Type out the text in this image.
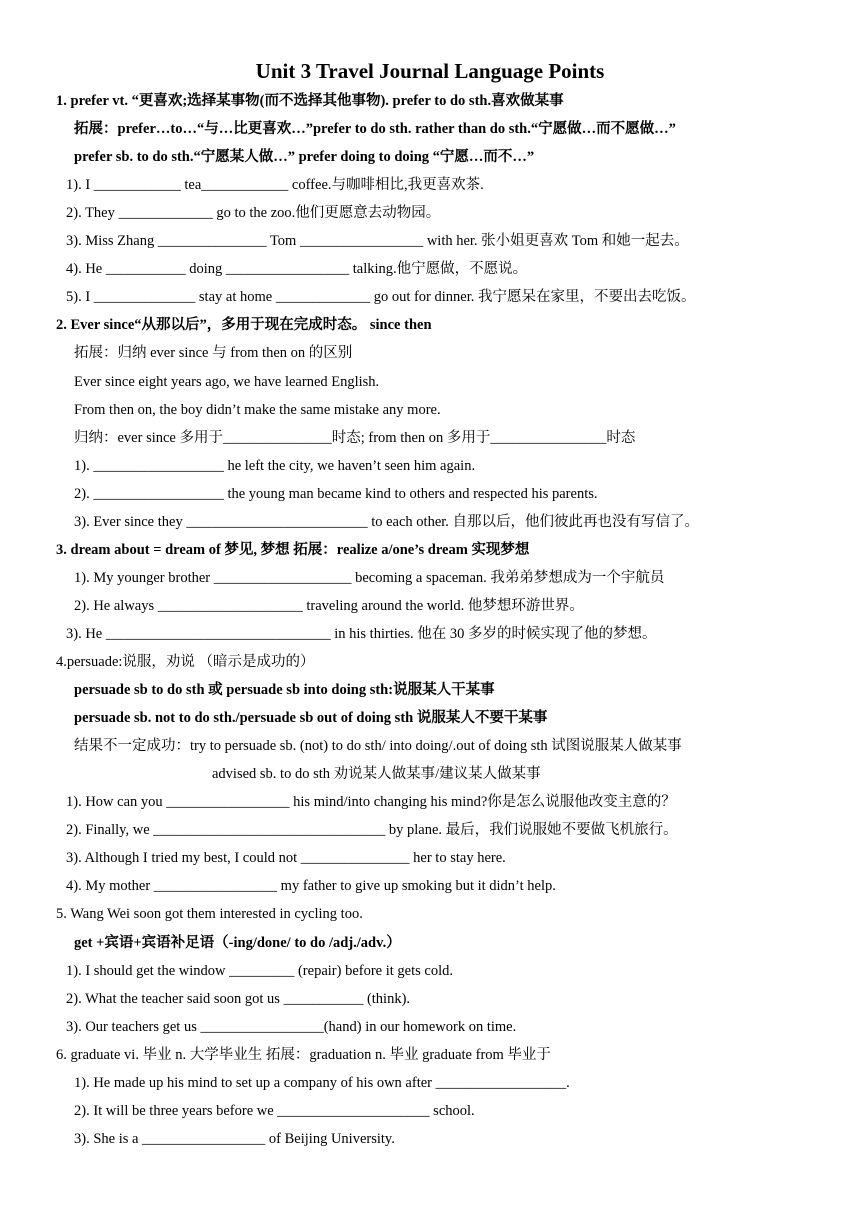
Unit 3 Travel Journal Language Points
1. prefer vt. “更喜欢;选择某事物(而不选择其他事物). prefer to do sth.喜欢做某事
拓展：prefer…to…“与…比更喜欢…”prefer to do sth. rather than do sth.“宁愿做…而不愿做…”
prefer sb. to do sth.“宁愿某人做…” prefer doing to doing “宁愿…而不…”
1). I ____________ tea____________ coffee.与咖啡相比,我更喜欢茶.
2). They _____________ go to the zoo.他们更愿意去动物园。
3). Miss Zhang _______________ Tom _________________ with her. 张小姐更喜欢 Tom 和她一起去。
4). He ___________ doing _________________ talking.他宁愿做，不愿说。
5). I ______________ stay at home _____________ go out for dinner. 我宁愿呆在家里，不要出去吃饭。
2. Ever since“从那以后”，多用于现在完成时态。 since then
拓展：归纳 ever since 与 from then on 的区别
Ever since eight years ago, we have learned English.
From then on, the boy didn’t make the same mistake any more.
归纳：ever since 多用于_______________时态; from then on 多用于________________时态
1). __________________ he left the city, we haven’t seen him again.
2). __________________ the young man became kind to others and respected his parents.
3). Ever since they _________________________ to each other. 自那以后，他们彼此再也没有写信了。
3. dream about = dream of 梦见, 梦想 拓展：realize a/one’s dream 实现梦想
1). My younger brother ___________________ becoming a spaceman. 我弟弟梦想成为一个宇航员
2). He always ____________________ traveling around the world. 他梦想环游世界。
3). He _______________________________ in his thirties. 他在 30 多岁的时候实现了他的梦想。
4.persuade:说服，劝说 （暗示是成功的）
persuade sb to do sth 或 persuade sb into doing sth:说服某人干某事
persuade sb. not to do sth./persuade sb out of doing sth 说服某人不要干某事
结果不一定成功：try to persuade sb. (not) to do sth/ into doing/.out of doing sth 试图说服某人做某事
advised sb. to do sth 劝说某人做某事/建议某人做某事
1). How can you _________________ his mind/into changing his mind?你是怎么说服他改变主意的？
2). Finally, we ________________________________ by plane. 最后，我们说服她不要做飞机旅行。
3). Although I tried my best, I could not _______________ her to stay here.
4). My mother _________________ my father to give up smoking but it didn’t help.
5. Wang Wei soon got them interested in cycling too.
get +宾语+宾语补足语（-ing/done/ to do /adj./adv.）
1). I should get the window _________ (repair) before it gets cold.
2). What the teacher said soon got us ___________ (think).
3). Our teachers get us _________________(hand) in our homework on time.
6. graduate vi. 毕业 n. 大学毕业生 拓展：graduation n. 毕业 graduate from 毕业于
1). He made up his mind to set up a company of his own after __________________.
2). It will be three years before we _____________________ school.
3). She is a _________________ of Beijing University.
